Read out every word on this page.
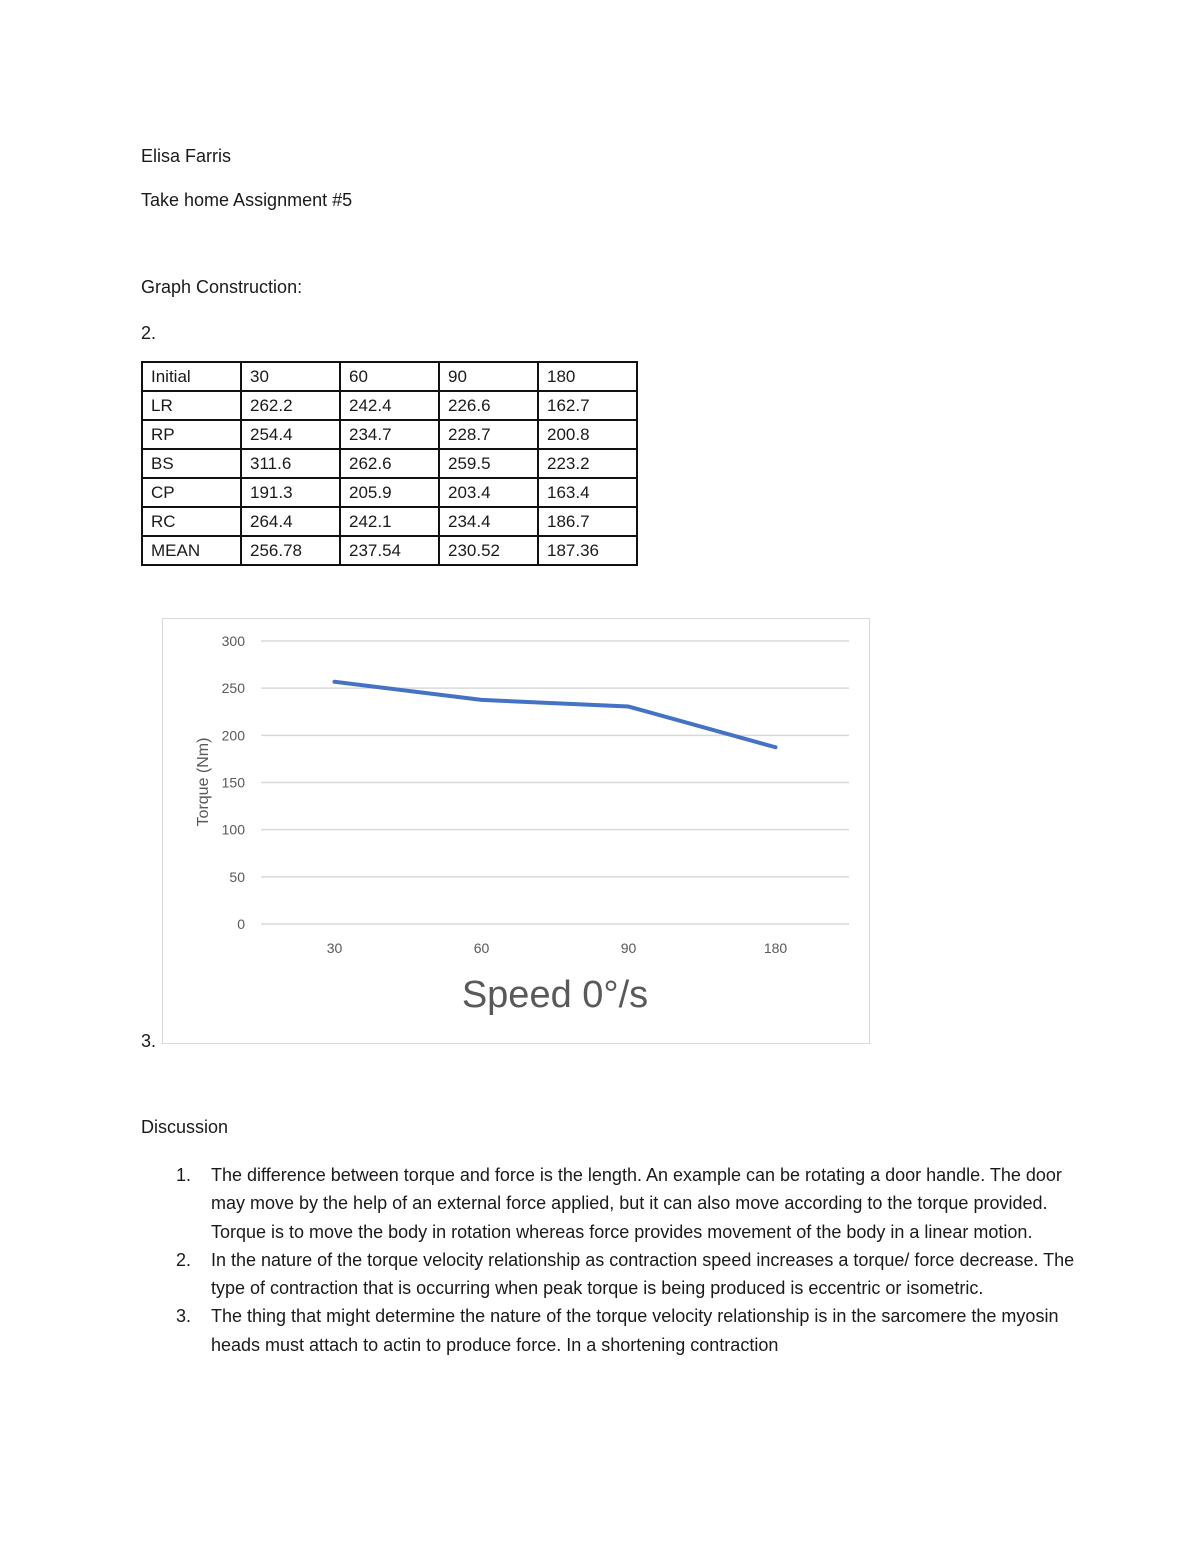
Elisa Farris
Take home Assignment #5
Graph Construction:
2.
Initial	30	60	90	180
LR	262.2	242.4	226.6	162.7
RP	254.4	234.7	228.7	200.8
BS	311.6	262.6	259.5	223.2
CP	191.3	205.9	203.4	163.4
RC	264.4	242.1	234.4	186.7
MEAN	256.78	237.54	230.52	187.36
0
50
100
150
200
250
300
30	60	90	180
Speed 0°/s
Torque (Nm)
3.
Discussion
1. The difference between torque and force is the length. An example can be rotating a door handle. The door may move by the help of an external force applied, but it can also move according to the torque provided. Torque is to move the body in rotation whereas force provides movement of the body in a linear motion.
2. In the nature of the torque velocity relationship as contraction speed increases a torque/ force decrease. The type of contraction that is occurring when peak torque is being produced is eccentric or isometric.
3. The thing that might determine the nature of the torque velocity relationship is in the sarcomere the myosin heads must attach to actin to produce force. In a shortening contraction
